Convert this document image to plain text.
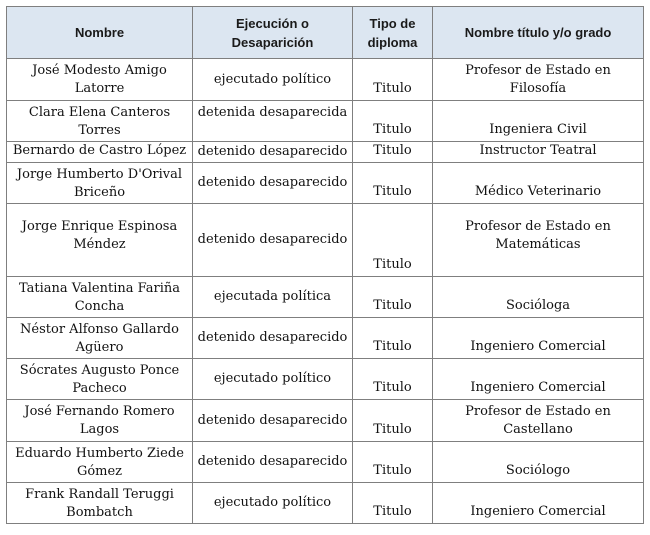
Nombre	Ejecución o Desaparición	Tipo de diploma	Nombre título y/o grado
José Modesto Amigo Latorre	ejecutado político	Titulo	Profesor de Estado en Filosofía
Clara Elena Canteros Torres	detenida desaparecida	Titulo	Ingeniera Civil
Bernardo de Castro López	detenido desaparecido	Titulo	Instructor Teatral
Jorge Humberto D'Orival Briceño	detenido desaparecido	Titulo	Médico Veterinario
Jorge Enrique Espinosa Méndez	detenido desaparecido	Titulo	Profesor de Estado en Matemáticas
Tatiana Valentina Fariña Concha	ejecutada política	Titulo	Socióloga
Néstor Alfonso Gallardo Agüero	detenido desaparecido	Titulo	Ingeniero Comercial
Sócrates Augusto Ponce Pacheco	ejecutado político	Titulo	Ingeniero Comercial
José Fernando Romero Lagos	detenido desaparecido	Titulo	Profesor de Estado en Castellano
Eduardo Humberto Ziede Gómez	detenido desaparecido	Titulo	Sociólogo
Frank Randall Teruggi Bombatch	ejecutado político	Titulo	Ingeniero Comercial
